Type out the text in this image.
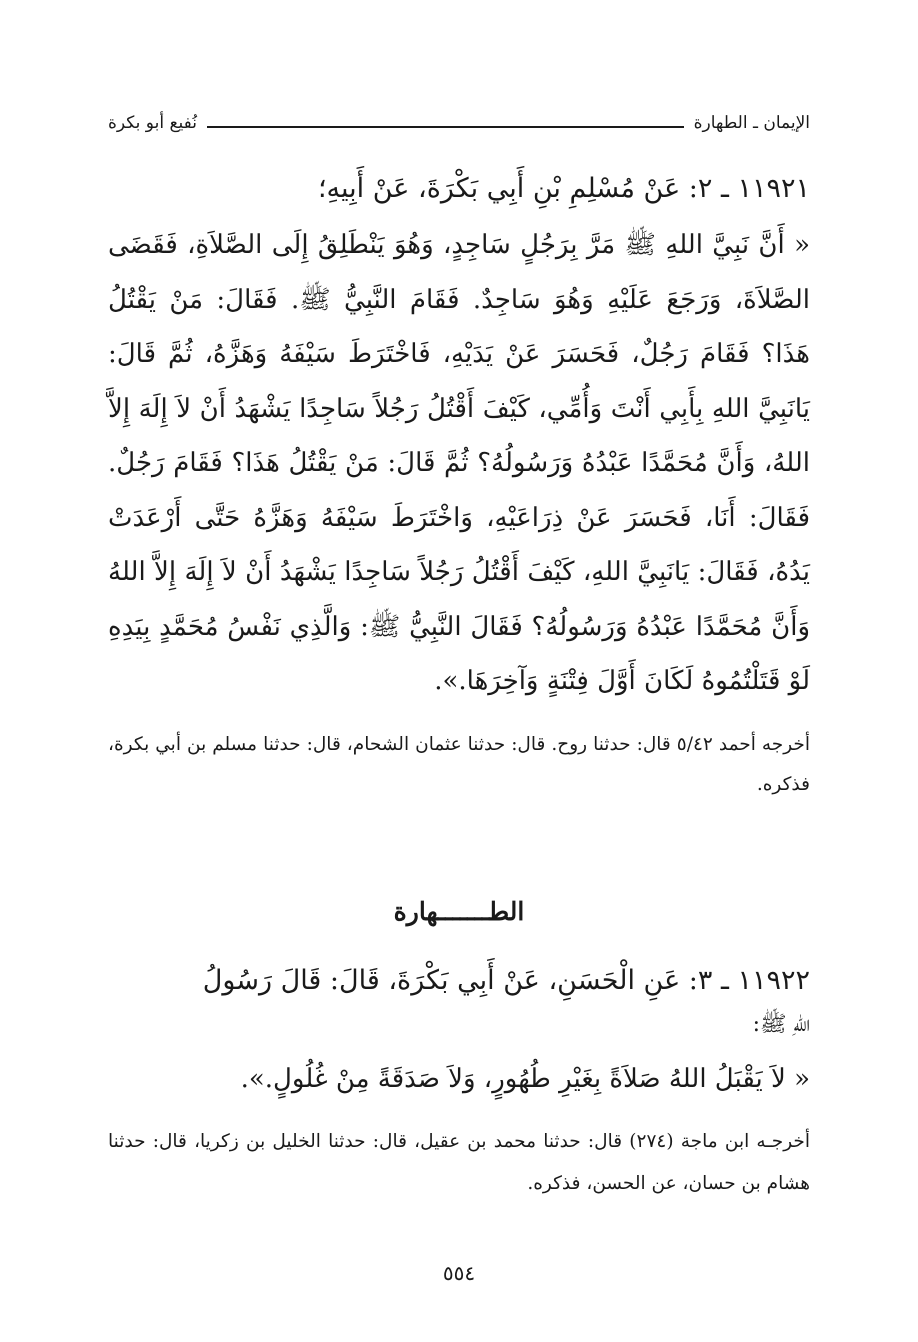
الإيمان ـ الطهارة
نُفيع أبو بكرة
١١٩٢١ ـ ٢: عَنْ مُسْلِمِ بْنِ أَبِي بَكْرَةَ، عَنْ أَبِيهِ؛

« أَنَّ نَبِيَّ اللهِ ﷺ مَرَّ بِرَجُلٍ سَاجِدٍ، وَهُوَ يَنْطَلِقُ إِلَى الصَّلاَةِ، فَقَضَى الصَّلاَةَ، وَرَجَعَ عَلَيْهِ وَهُوَ سَاجِدٌ. فَقَامَ النَّبِيُّ ﷺ. فَقَالَ: مَنْ يَقْتُلُ هَذَا؟ فَقَامَ رَجُلٌ، فَحَسَرَ عَنْ يَدَيْهِ، فَاخْتَرَطَ سَيْفَهُ وَهَزَّهُ، ثُمَّ قَالَ: يَانَبِيَّ اللهِ بِأَبِي أَنْتَ وَأُمِّي، كَيْفَ أَقْتُلُ رَجُلاً سَاجِدًا يَشْهَدُ أَنْ لاَ إِلَهَ إِلاَّ اللهُ، وَأَنَّ مُحَمَّدًا عَبْدُهُ وَرَسُولُهُ؟ ثُمَّ قَالَ: مَنْ يَقْتُلُ هَذَا؟ فَقَامَ رَجُلٌ. فَقَالَ: أَنَا، فَحَسَرَ عَنْ ذِرَاعَيْهِ، وَاخْتَرَطَ سَيْفَهُ وَهَزَّهُ حَتَّى أَرْعَدَتْ يَدُهُ، فَقَالَ: يَانَبِيَّ اللهِ، كَيْفَ أَقْتُلُ رَجُلاً سَاجِدًا يَشْهَدُ أَنْ لاَ إِلَهَ إِلاَّ اللهُ وَأَنَّ مُحَمَّدًا عَبْدُهُ وَرَسُولُهُ؟ فَقَالَ النَّبِيُّ ﷺ: وَالَّذِي نَفْسُ مُحَمَّدٍ بِيَدِهِ لَوْ قَتَلْتُمُوهُ لَكَانَ أَوَّلَ فِتْنَةٍ وَآخِرَهَا.».

أخرجه أحمد ٥/٤٢ قال: حدثنا روح. قال: حدثنا عثمان الشحام، قال: حدثنا مسلم بن أبي بكرة، فذكره.
الطـــــــهارة
١١٩٢٢ ـ ٣: عَنِ الْحَسَنِ، عَنْ أَبِي بَكْرَةَ، قَالَ: قَالَ رَسُولُ
اللهِ ﷺ:
« لاَ يَقْبَلُ اللهُ صَلاَةً بِغَيْرِ طُهُورٍ، وَلاَ صَدَقَةً مِنْ غُلُولٍ.».
أخرجـه ابن ماجة (٢٧٤) قال: حدثنا محمد بن عقيل، قال: حدثنا الخليل بن زكريا، قال: حدثنا هشام بن حسان، عن الحسن، فذكره.
٥٥٤
